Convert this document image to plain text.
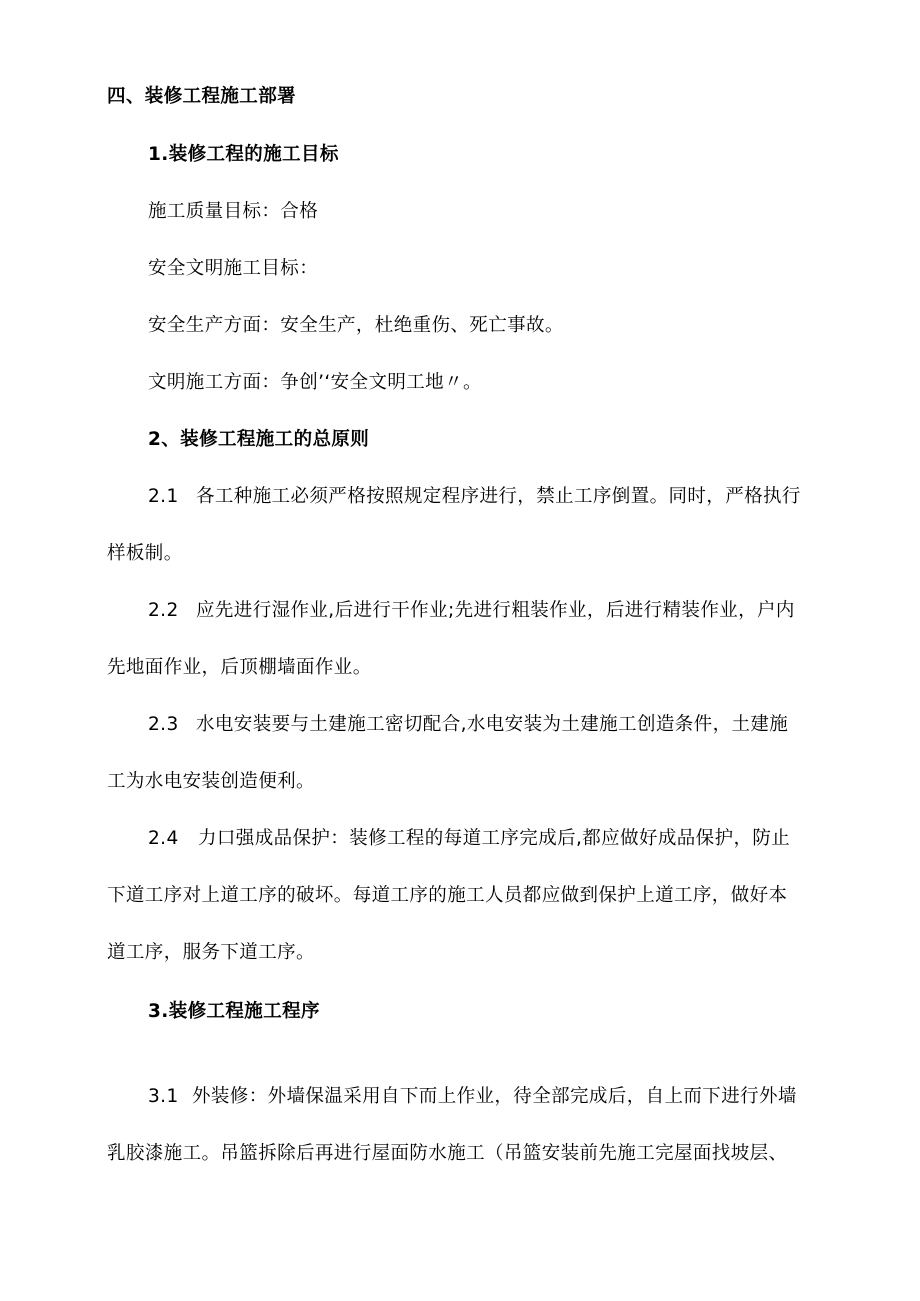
四、装修工程施工部署
1.装修工程的施工目标
施工质量目标：合格
安全文明施工目标：
安全生产方面：安全生产，杜绝重伤、死亡事故。
文明施工方面：争创’‘安全文明工地〃。
2、装修工程施工的总原则
2.1 各工种施工必须严格按照规定程序进行，禁止工序倒置。同时，严格执行
样板制。
2.2 应先进行湿作业,后进行干作业;先进行粗装作业，后进行精装作业，户内
先地面作业，后顶棚墙面作业。
2.3 水电安装要与土建施工密切配合,水电安装为土建施工创造条件，土建施
工为水电安装创造便利。
2.4 力口强成品保护：装修工程的每道工序完成后,都应做好成品保护，防止
下道工序对上道工序的破坏。每道工序的施工人员都应做到保护上道工序，做好本
道工序，服务下道工序。
3.装修工程施工程序
3.1 外装修：外墙保温采用自下而上作业，待全部完成后，自上而下进行外墙
乳胶漆施工。吊篮拆除后再进行屋面防水施工（吊篮安装前先施工完屋面找坡层、
